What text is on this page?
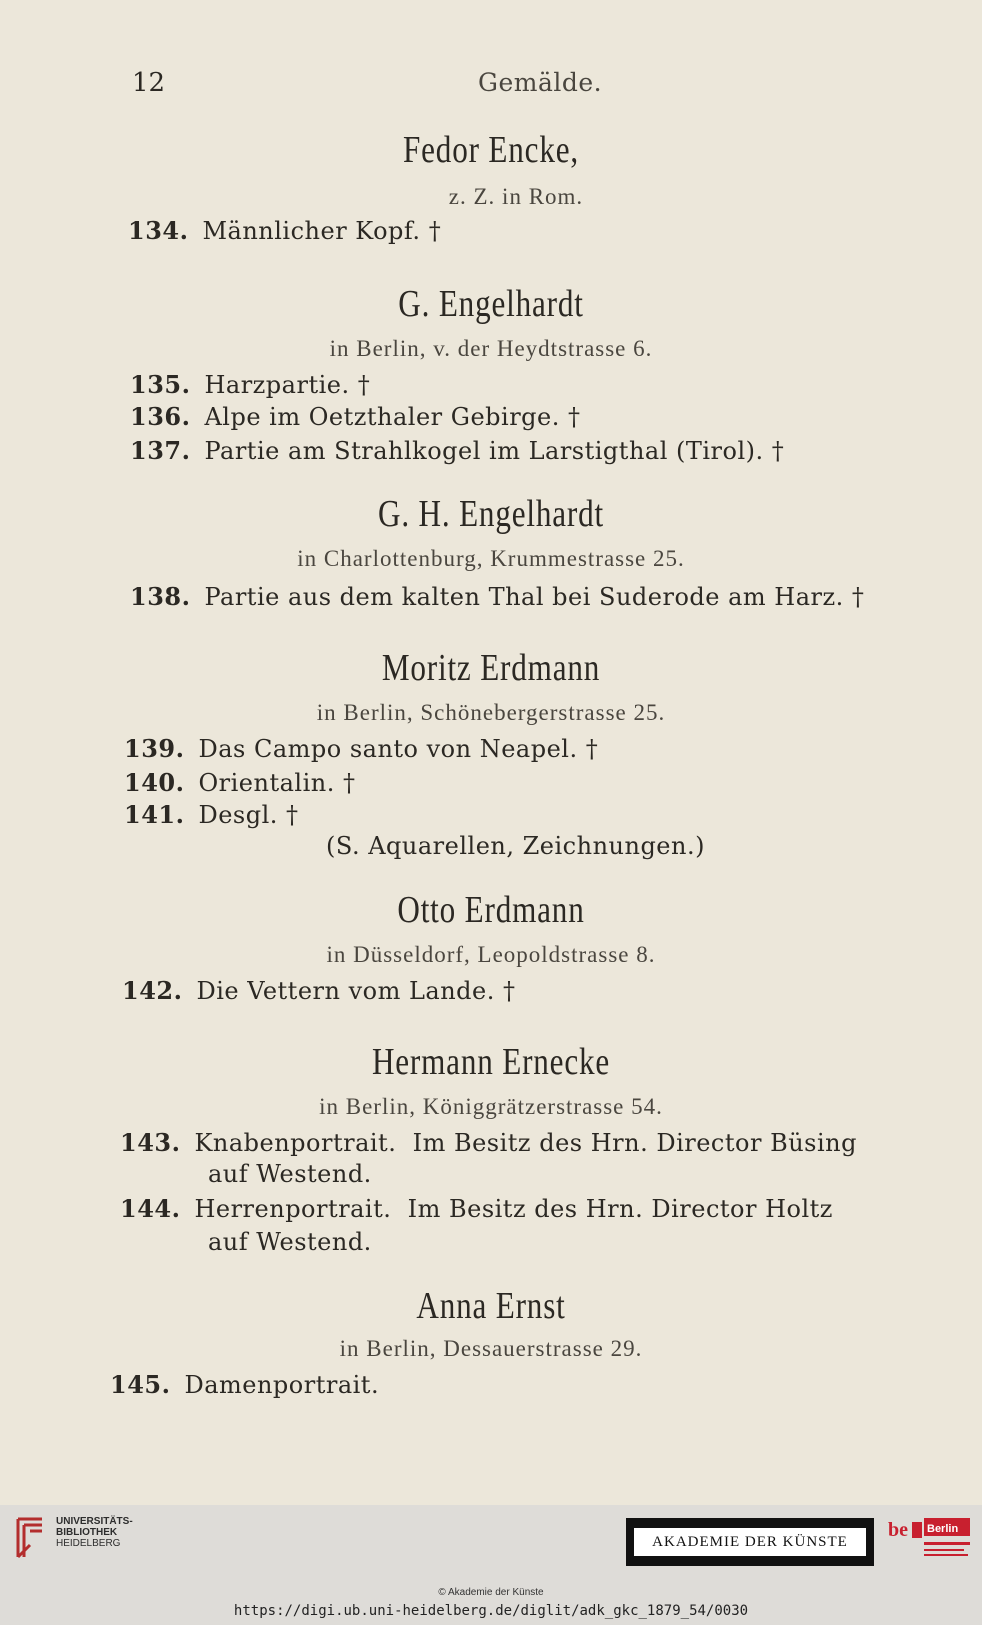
12	Gemälde.
Fedor Encke,
z. Z. in Rom.
134. Männlicher Kopf. †
G. Engelhardt
in Berlin, v. der Heydtstrasse 6.
135. Harzpartie. †
136. Alpe im Oetzthaler Gebirge. †
137. Partie am Strahlkogel im Larstigthal (Tirol). †
G. H. Engelhardt
in Charlottenburg, Krummestrasse 25.
138. Partie aus dem kalten Thal bei Suderode am Harz. †
Moritz Erdmann
in Berlin, Schönebergerstrasse 25.
139. Das Campo santo von Neapel. †
140. Orientalin. †
141. Desgl. †
(S. Aquarellen, Zeichnungen.)
Otto Erdmann
in Düsseldorf, Leopoldstrasse 8.
142. Die Vettern vom Lande. †
Hermann Ernecke
in Berlin, Königgrätzerstrasse 54.
143. Knabenportrait.  Im Besitz des Hrn. Director Büsing
auf Westend.
144. Herrenportrait.  Im Besitz des Hrn. Director Holtz
auf Westend.
Anna Ernst
in Berlin, Dessauerstrasse 29.
145. Damenportrait.
UNIVERSITÄTS-
BIBLIOTHEK
HEIDELBERG	AKADEMIE DER KÜNSTE
be Berlin
© Akademie der Künste
https://digi.ub.uni-heidelberg.de/diglit/adk_gkc_1879_54/0030
